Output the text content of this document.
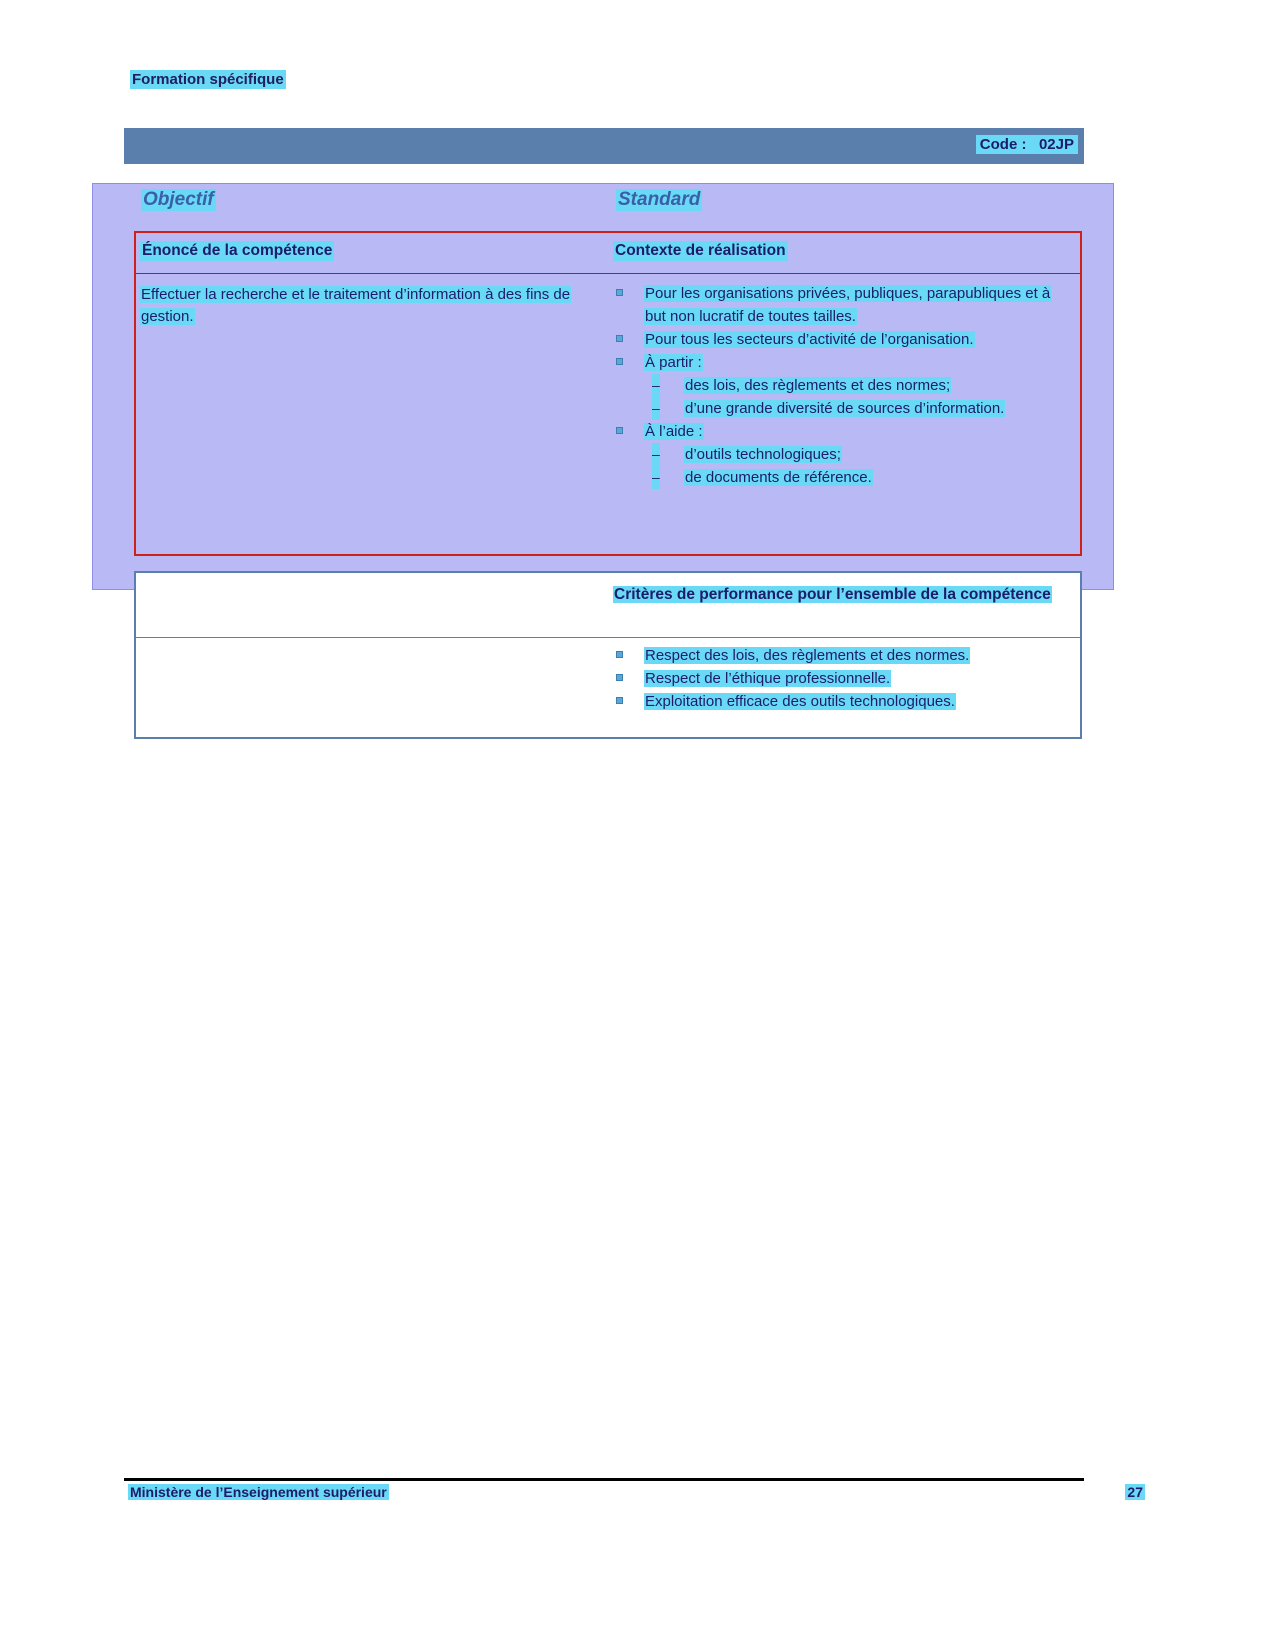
Formation spécifique
Code :   02JP
Objectif	Standard
Énoncé de la compétence	Contexte de réalisation
Effectuer la recherche et le traitement d’information à des fins de gestion.
Pour les organisations privées, publiques, parapubliques et à but non lucratif de toutes tailles.
Pour tous les secteurs d’activité de l’organisation.
À partir :
– des lois, des règlements et des normes;
– d’une grande diversité de sources d’information.
À l’aide :
– d’outils technologiques;
– de documents de référence.
Critères de performance pour l’ensemble de la compétence
Respect des lois, des règlements et des normes.
Respect de l’éthique professionnelle.
Exploitation efficace des outils technologiques.
Ministère de l’Enseignement supérieur	27
